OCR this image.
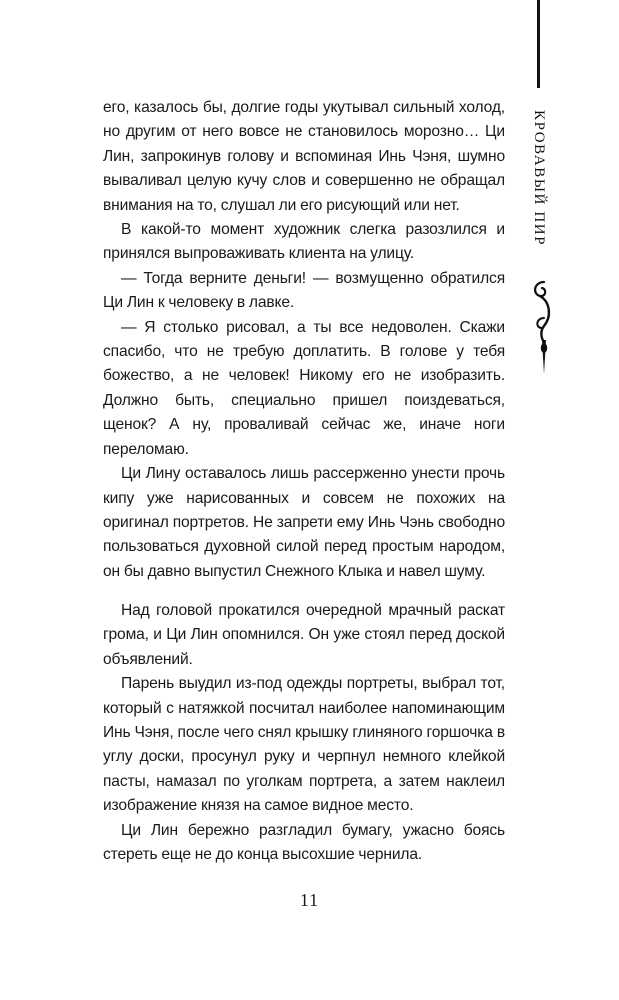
КРОВАВЫЙ ПИР

его, казалось бы, долгие годы укутывал сильный холод, но другим от него вовсе не становилось морозно… Ци Лин, запрокинув голову и вспоминая Инь Чэня, шумно вываливал целую кучу слов и совершенно не обращал внимания на то, слушал ли его рисующий или нет.

В какой-то момент художник слегка разозлился и принялся выпроваживать клиента на улицу.

— Тогда верните деньги! — возмущенно обратился Ци Лин к человеку в лавке.

— Я столько рисовал, а ты все недоволен. Скажи спасибо, что не требую доплатить. В голове у тебя божество, а не человек! Никому его не изобразить. Должно быть, специально пришел поиздеваться, щенок? А ну, проваливай сейчас же, иначе ноги переломаю.

Ци Лину оставалось лишь рассерженно унести прочь кипу уже нарисованных и совсем не похожих на оригинал портретов. Не запрети ему Инь Чэнь свободно пользоваться духовной силой перед простым народом, он бы давно выпустил Снежного Клыка и навел шуму.

Над головой прокатился очередной мрачный раскат грома, и Ци Лин опомнился. Он уже стоял перед доской объявлений.

Парень выудил из-под одежды портреты, выбрал тот, который с натяжкой посчитал наиболее напоминающим Инь Чэня, после чего снял крышку глиняного горшочка в углу доски, просунул руку и черпнул немного клейкой пасты, намазал по уголкам портрета, а затем наклеил изображение князя на самое видное место.

Ци Лин бережно разгладил бумагу, ужасно боясь стереть еще не до конца высохшие чернила.

11
